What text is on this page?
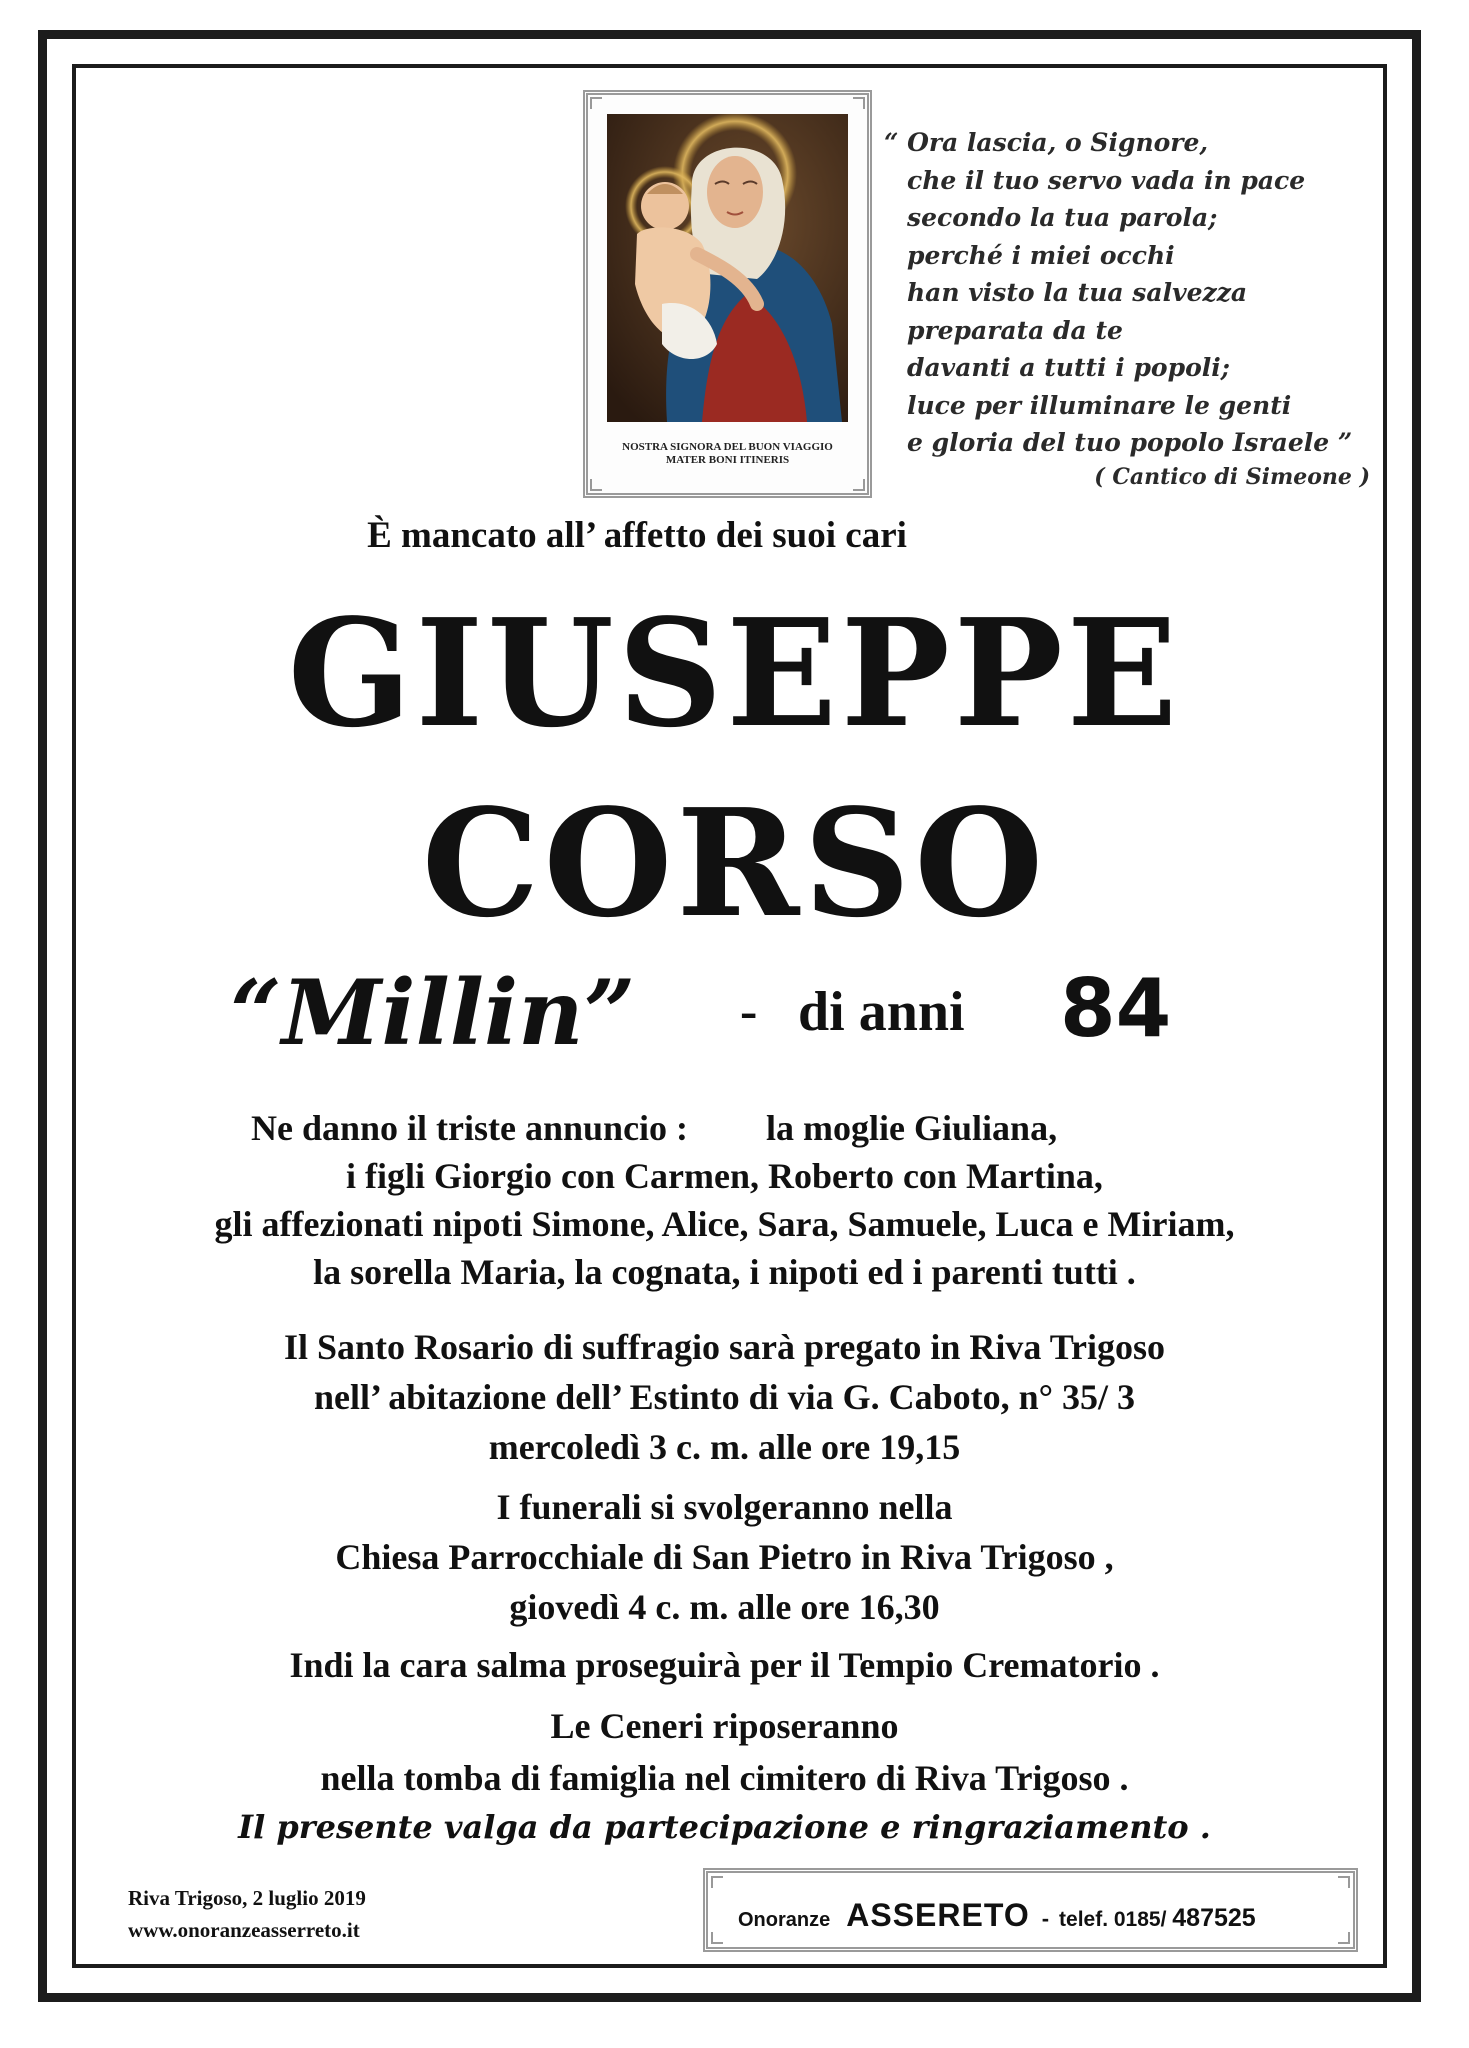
NOSTRA SIGNORA DEL BUON VIAGGIO
MATER BONI ITINERIS
“ Ora lascia, o Signore,
che il tuo servo vada in pace
secondo la tua parola;
perché i miei occhi
han visto la tua salvezza
preparata da te
davanti a tutti i popoli;
luce per illuminare le genti
e gloria del tuo popolo Israele ”
( Cantico di Simeone )
È mancato all’ affetto dei suoi cari
GIUSEPPE
CORSO
“Millin” - di anni 84
Ne danno il triste annuncio : la moglie Giuliana,
i figli Giorgio con Carmen, Roberto con Martina,
gli affezionati nipoti Simone, Alice, Sara, Samuele, Luca e Miriam,
la sorella Maria, la cognata, i nipoti ed i parenti tutti .
Il Santo Rosario di suffragio sarà pregato in Riva Trigoso
nell’ abitazione dell’ Estinto di via G. Caboto, n° 35/ 3
mercoledì 3 c. m. alle ore 19,15
I funerali si svolgeranno nella
Chiesa Parrocchiale di San Pietro in Riva Trigoso ,
giovedì 4 c. m. alle ore 16,30
Indi la cara salma proseguirà per il Tempio Crematorio .
Le Ceneri riposeranno
nella tomba di famiglia nel cimitero di Riva Trigoso .
Il presente valga da partecipazione e ringraziamento .
Riva Trigoso, 2 luglio 2019
www.onoranzeasserreto.it	Onoranze ASSERETO - telef. 0185/ 487525
